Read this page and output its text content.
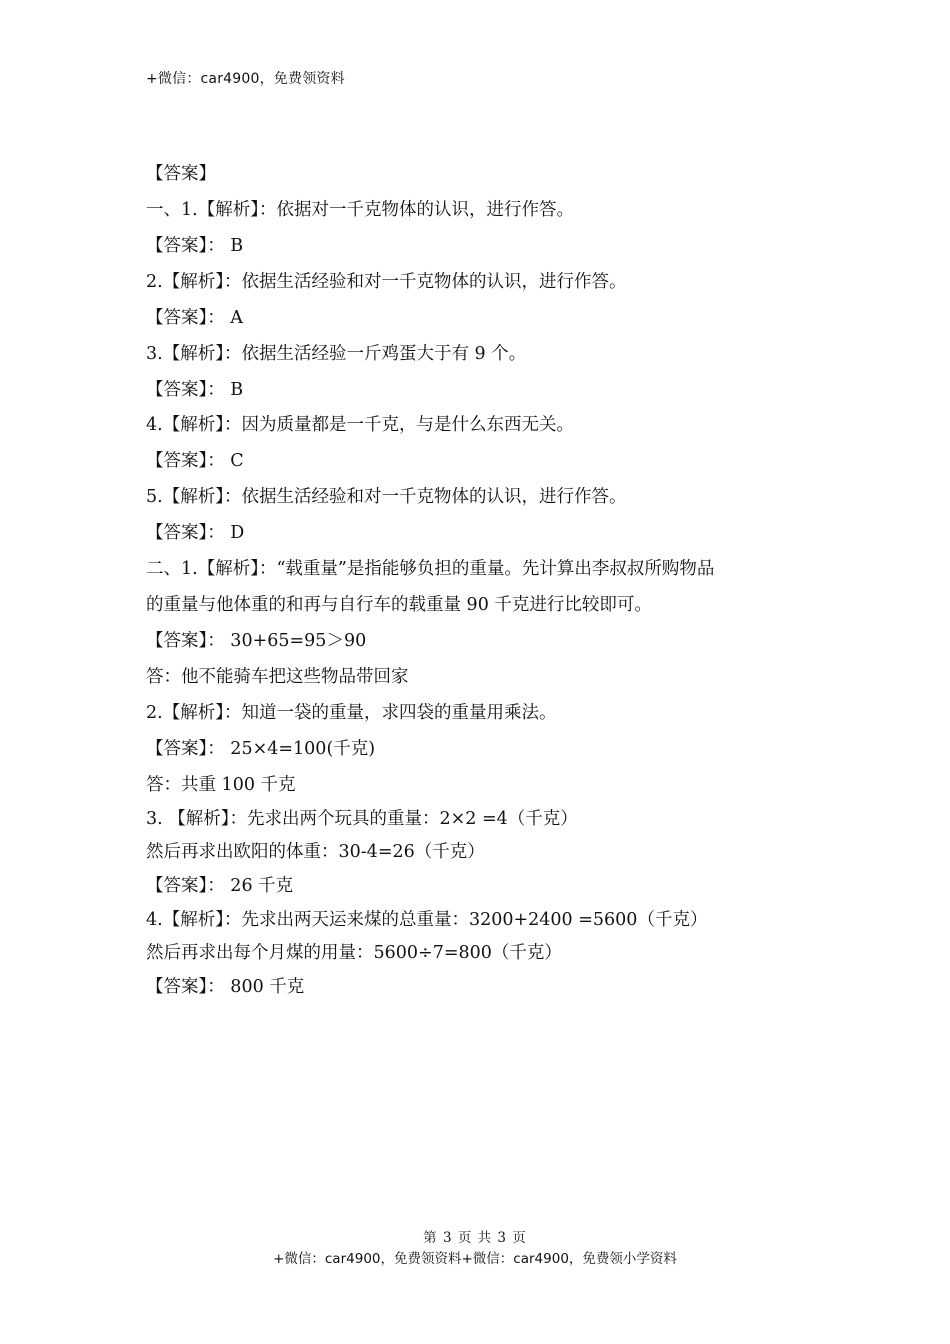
+微信：car4900，免费领资料
【答案】
一、1.【解析】：依据对一千克物体的认识，进行作答。
【答案】： B
2.【解析】：依据生活经验和对一千克物体的认识，进行作答。
【答案】： A
3.【解析】：依据生活经验一斤鸡蛋大于有 9 个。
【答案】： B
4.【解析】：因为质量都是一千克，与是什么东西无关。
【答案】： C
5.【解析】：依据生活经验和对一千克物体的认识，进行作答。
【答案】： D
二、1.【解析】：“载重量”是指能够负担的重量。先计算出李叔叔所购物品
的重量与他体重的和再与自行车的载重量 90 千克进行比较即可。
【答案】： 30+65=95＞90
答：他不能骑车把这些物品带回家
2.【解析】：知道一袋的重量，求四袋的重量用乘法。
【答案】： 25×4=100(千克)
答：共重 100 千克
3. 【解析】：先求出两个玩具的重量：2×2 =4（千克）
然后再求出欧阳的体重：30-4=26（千克）
【答案】： 26 千克
4.【解析】：先求出两天运来煤的总重量：3200+2400 =5600（千克）
然后再求出每个月煤的用量：5600÷7=800（千克）
【答案】： 800 千克
第 3 页 共 3 页
+微信：car4900，免费领资料+微信：car4900，免费领小学资料
